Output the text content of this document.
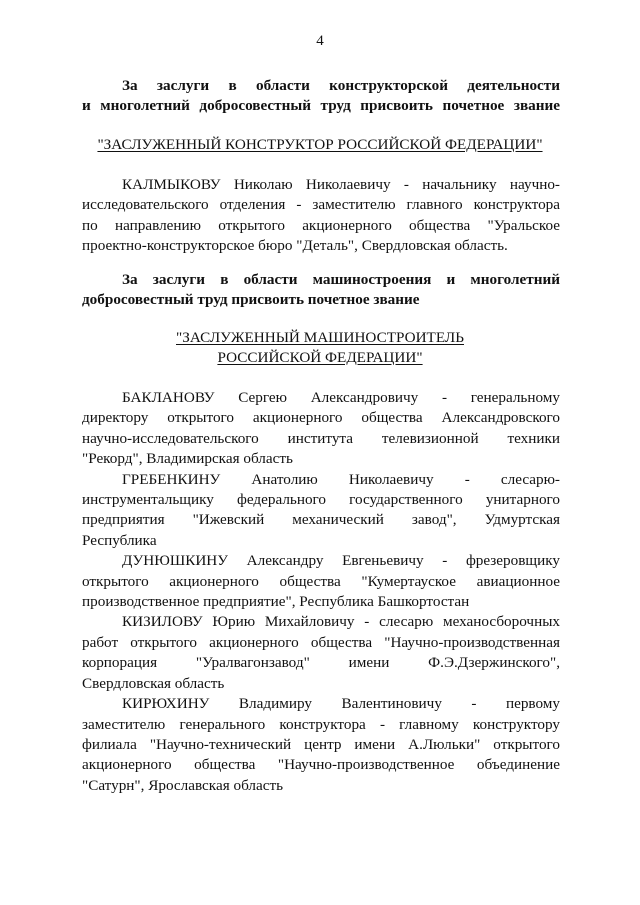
4
За заслуги в области конструкторской деятельности
и многолетний добросовестный труд присвоить почетное звание
"ЗАСЛУЖЕННЫЙ КОНСТРУКТОР РОССИЙСКОЙ ФЕДЕРАЦИИ"
КАЛМЫКОВУ Николаю Николаевичу - начальнику научно-
исследовательского отделения - заместителю главного конструктора
по направлению открытого акционерного общества "Уральское
проектно-конструкторское бюро "Деталь", Свердловская область.
За заслуги в области машиностроения и многолетний
добросовестный труд присвоить почетное звание
"ЗАСЛУЖЕННЫЙ МАШИНОСТРОИТЕЛЬ
РОССИЙСКОЙ ФЕДЕРАЦИИ"
БАКЛАНОВУ Сергею Александровичу - генеральному
директору открытого акционерного общества Александровского
научно-исследовательского института телевизионной техники
"Рекорд", Владимирская область
ГРЕБЕНКИНУ Анатолию Николаевичу - слесарю-
инструментальщику федерального государственного унитарного
предприятия "Ижевский механический завод", Удмуртская
Республика
ДУНЮШКИНУ Александру Евгеньевичу - фрезеровщику
открытого акционерного общества "Кумертауское авиационное
производственное предприятие", Республика Башкортостан
КИЗИЛОВУ Юрию Михайловичу - слесарю механосборочных
работ открытого акционерного общества "Научно-производственная
корпорация "Уралвагонзавод" имени Ф.Э.Дзержинского",
Свердловская область
КИРЮХИНУ Владимиру Валентиновичу - первому
заместителю генерального конструктора - главному конструктору
филиала "Научно-технический центр имени А.Люльки" открытого
акционерного общества "Научно-производственное объединение
"Сатурн", Ярославская область
